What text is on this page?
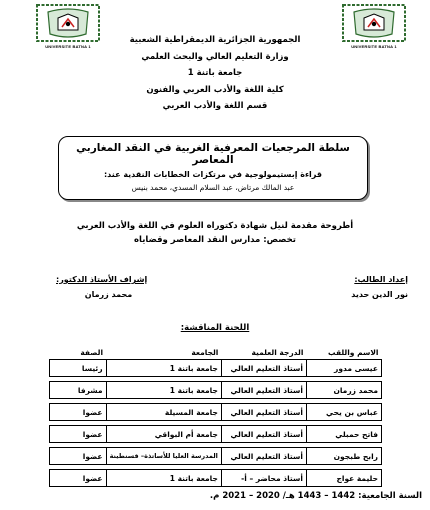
UNIVERSITE BATNA 1	UNIVERSITE BATNA 1
الجمهورية الجزائرية الديمقراطية الشعبية
وزارة التعليم العالي والبحث العلمي
جامعة باتنة 1
كلية اللغة والأدب العربي والفنون
قسم اللغة والأدب العربي
سلطة المرجعيات المعرفية الغربية في النقد المغاربي المعاصر
قراءة إبستيمولوجية في مرتكزات الخطابات النقدية عند:
عبد المالك مرتاض، عبد السلام المسدي، محمد بنيس
أطروحة مقدمة لنيل شهادة دكتوراه العلوم في اللغة والأدب العربي
تخصص: مدارس النقد المعاصر وقضاياه
إعداد الطالب:
نور الدين حديد
إشراف الأستاذ الدكتور:
محمد زرمان
اللجنة المناقشة:
الاسم واللقب	الدرجة العلمية	الجامعة	الصفة
عيسى مدور	أستاذ التعليم العالي	جامعة باتنة 1	رئيسا

محمد زرمان	أستاذ التعليم العالي	جامعة باتنة 1	مشرفا

عباس بن يحي	أستاذ التعليم العالي	جامعة المسيلة	عضوا

فاتح حمبلي	أستاذ التعليم العالي	جامعة أم البواقي	عضوا

رابح طبجون	أستاذ التعليم العالي	المدرسة العليا للأساتذة– قسنطينة	عضوا

حليمة عواج	أستاذ محاضر – أ-	جامعة باتنة 1	عضوا
السنة الجامعية: 1442 – 1443 هـ/ 2020 – 2021 م.
